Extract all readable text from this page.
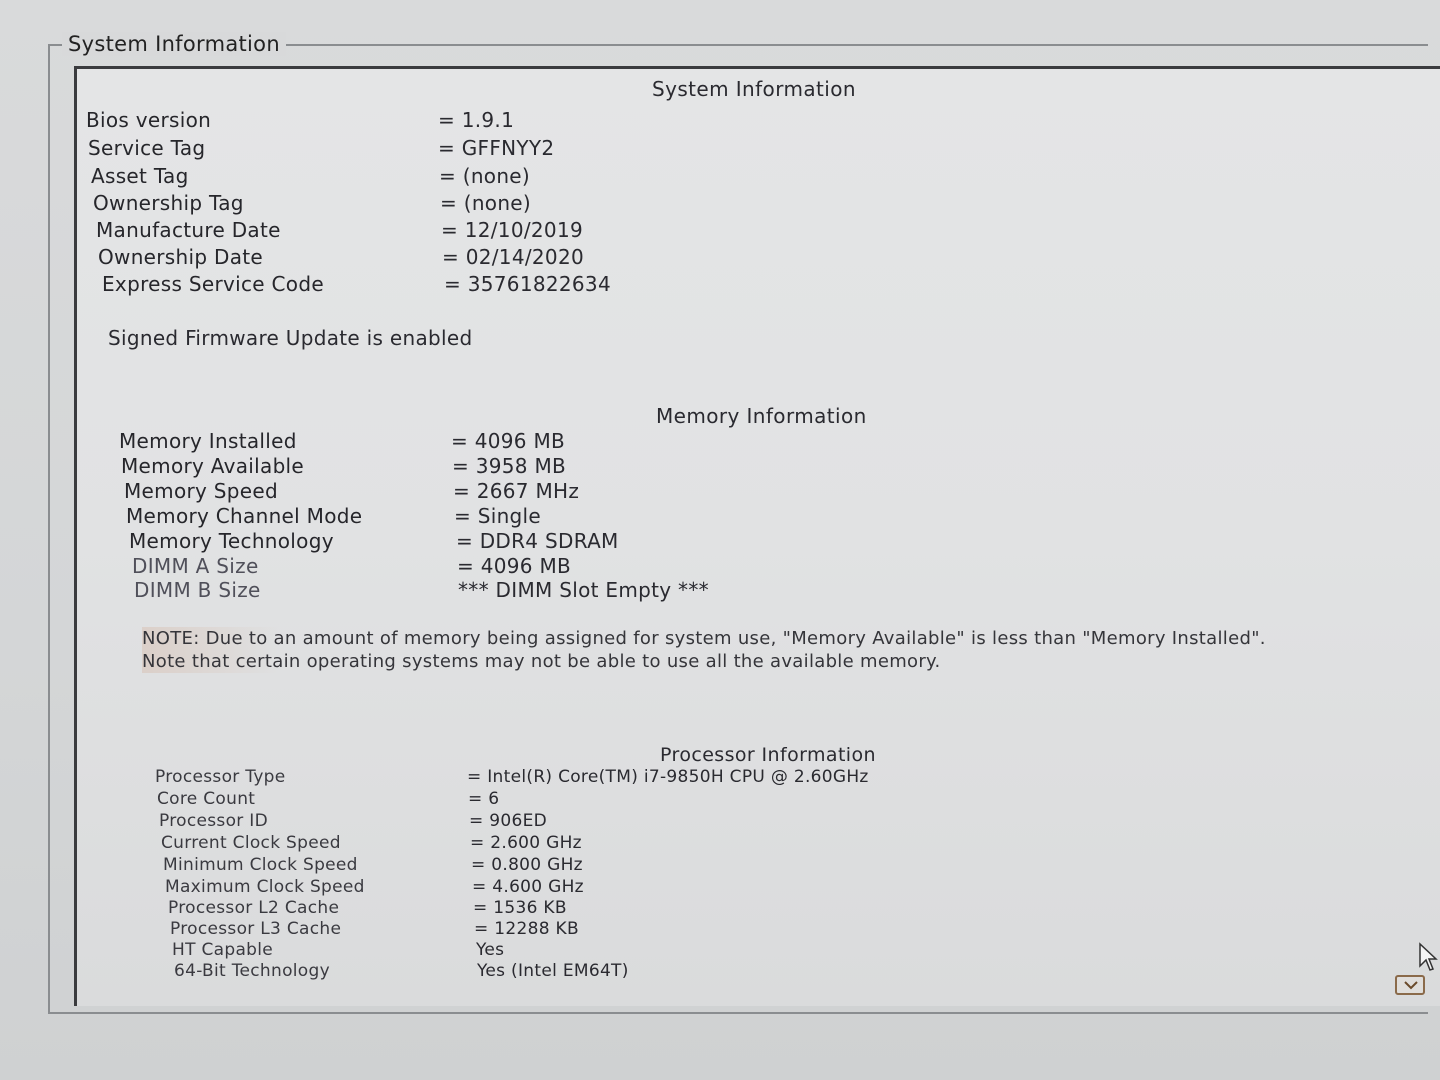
System Information
System Information
Bios version	= 1.9.1
Service Tag	= GFFNYY2
Asset Tag	= (none)
Ownership Tag	= (none)
Manufacture Date	= 12/10/2019
Ownership Date	= 02/14/2020
Express Service Code	= 35761822634
Signed Firmware Update is enabled
Memory Information
Memory Installed	= 4096 MB
Memory Available	= 3958 MB
Memory Speed	= 2667 MHz
Memory Channel Mode	= Single
Memory Technology	= DDR4 SDRAM
DIMM A Size	= 4096 MB
DIMM B Size	*** DIMM Slot Empty ***
NOTE: Due to an amount of memory being assigned for system use, "Memory Available" is less than "Memory Installed". Note that certain operating systems may not be able to use all the available memory.
Processor Information
Processor Type	= Intel(R) Core(TM) i7-9850H CPU @ 2.60GHz
Core Count	= 6
Processor ID	= 906ED
Current Clock Speed	= 2.600 GHz
Minimum Clock Speed	= 0.800 GHz
Maximum Clock Speed	= 4.600 GHz
Processor L2 Cache	= 1536 KB
Processor L3 Cache	= 12288 KB
HT Capable	Yes
64-Bit Technology	Yes (Intel EM64T)
